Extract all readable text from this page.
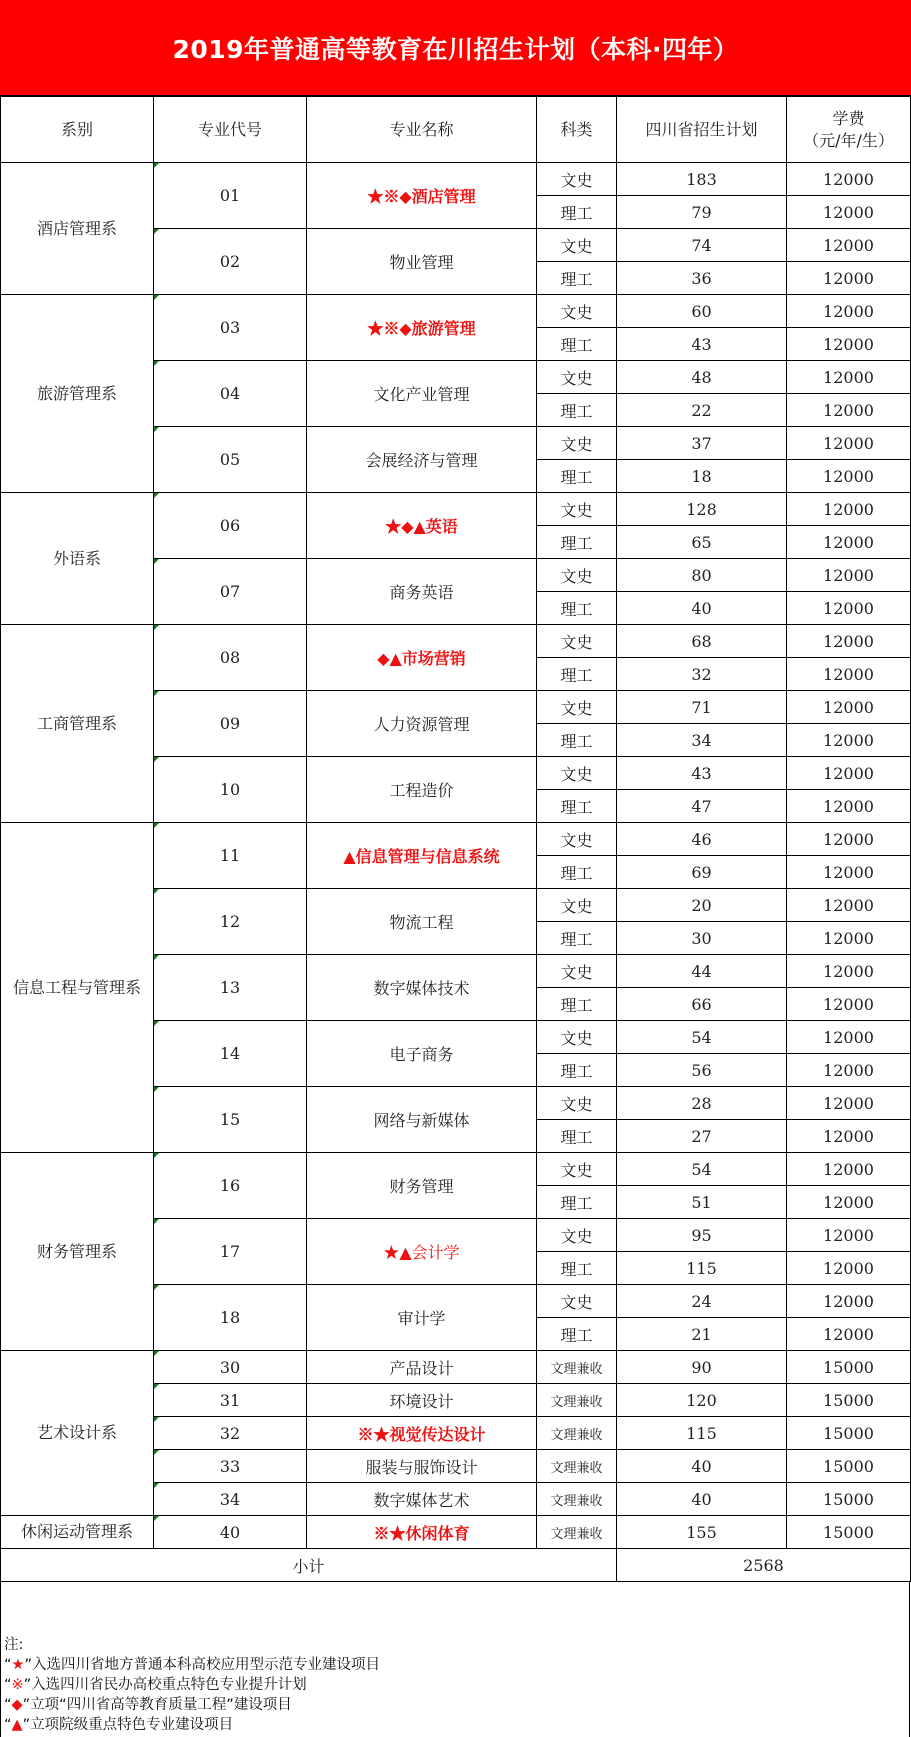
2019年普通高等教育在川招生计划（本科·四年）
系别	专业代号	专业名称	科类	四川省招生计划	学费
（元/年/生）

酒店管理系	01	★※◆酒店管理	文史	183	12000
			理工	79	12000
	02	物业管理	文史	74	12000
			理工	36	12000
旅游管理系	03	★※◆旅游管理	文史	60	12000
			理工	43	12000
	04	文化产业管理	文史	48	12000
			理工	22	12000
	05	会展经济与管理	文史	37	12000
			理工	18	12000
外语系	06	★◆▲英语	文史	128	12000
			理工	65	12000
	07	商务英语	文史	80	12000
			理工	40	12000
工商管理系	08	◆▲市场营销	文史	68	12000
			理工	32	12000
	09	人力资源管理	文史	71	12000
			理工	34	12000
	10	工程造价	文史	43	12000
			理工	47	12000
信息工程与管理系	11	▲信息管理与信息系统	文史	46	12000
			理工	69	12000
	12	物流工程	文史	20	12000
			理工	30	12000
	13	数字媒体技术	文史	44	12000
			理工	66	12000
	14	电子商务	文史	54	12000
			理工	56	12000
	15	网络与新媒体	文史	28	12000
			理工	27	12000
财务管理系	16	财务管理	文史	54	12000
			理工	51	12000
	17	★▲会计学	文史	95	12000
			理工	115	12000
	18	审计学	文史	24	12000
			理工	21	12000
艺术设计系	30	产品设计	文理兼收	90	15000
	31	环境设计	文理兼收	120	15000
	32	※★视觉传达设计	文理兼收	115	15000
	33	服装与服饰设计	文理兼收	40	15000
	34	数字媒体艺术	文理兼收	40	15000
休闲运动管理系	40	※★休闲体育	文理兼收	155	15000
小计				2568	
注:
“★”入选四川省地方普通本科高校应用型示范专业建设项目
“※”入选四川省民办高校重点特色专业提升计划
“◆”立项“四川省高等教育质量工程”建设项目
“▲”立项院级重点特色专业建设项目
